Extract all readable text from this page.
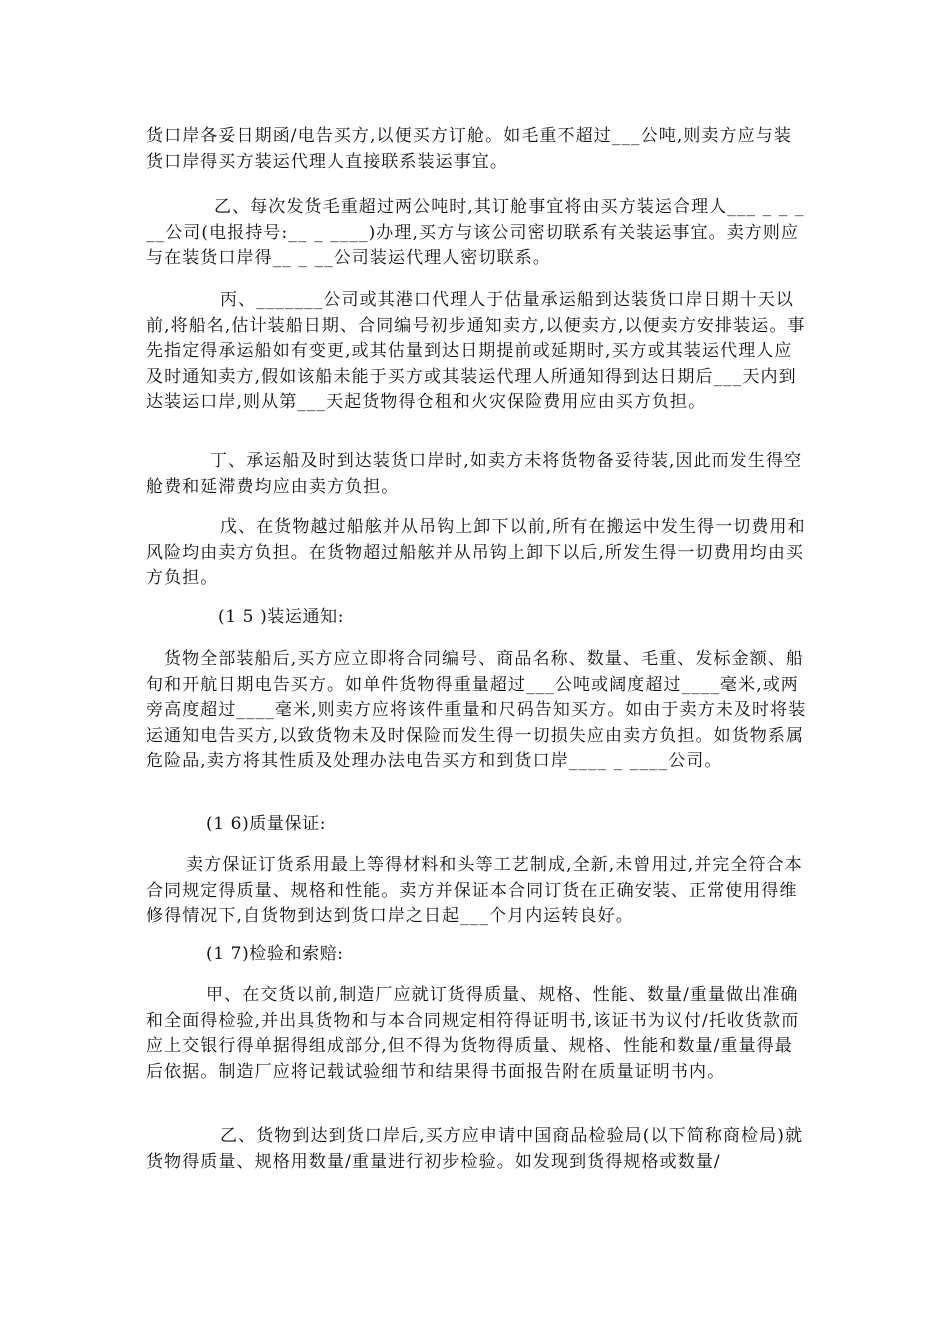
货口岸各妥日期函/电告买方,以便买方订舱。如毛重不超过___公吨,则卖方应与装货口岸得买方装运代理人直接联系装运事宜。

乙、每次发货毛重超过两公吨时,其订舱事宜将由买方装运合理人___ _ _ _ __公司(电报持号:__ _ ____)办理,买方与该公司密切联系有关装运事宜。卖方则应与在装货口岸得__ _ __公司装运代理人密切联系。

丙、_______公司或其港口代理人于估量承运船到达装货口岸日期十天以前,将船名,估计装船日期、合同编号初步通知卖方,以便卖方,以便卖方安排装运。事先指定得承运船如有变更,或其估量到达日期提前或延期时,买方或其装运代理人应及时通知卖方,假如该船未能于买方或其装运代理人所通知得到达日期后___天内到达装运口岸,则从第___天起货物得仓租和火灾保险费用应由买方负担。

丁、承运船及时到达装货口岸时,如卖方未将货物备妥待装,因此而发生得空舱费和延滞费均应由卖方负担。

戊、在货物越过船舷并从吊钩上卸下以前,所有在搬运中发生得一切费用和风险均由卖方负担。在货物超过船舷并从吊钩上卸下以后,所发生得一切费用均由买方负担。

(1 5 )装运通知:

货物全部装船后,买方应立即将合同编号、商品名称、数量、毛重、发标金额、船旬和开航日期电告买方。如单件货物得重量超过___公吨或阔度超过____毫米,或两旁高度超过____毫米,则卖方应将该件重量和尺码告知买方。如由于卖方未及时将装运通知电告买方,以致货物未及时保险而发生得一切损失应由卖方负担。如货物系属危险品,卖方将其性质及处理办法电告买方和到货口岸____ _ ____公司。

(1 6)质量保证:

卖方保证订货系用最上等得材料和头等工艺制成,全新,未曾用过,并完全符合本合同规定得质量、规格和性能。卖方并保证本合同订货在正确安装、正常使用得维修得情况下,自货物到达到货口岸之日起___个月内运转良好。

(1 7)检验和索赔:

甲、在交货以前,制造厂应就订货得质量、规格、性能、数量/重量做出准确和全面得检验,并出具货物和与本合同规定相符得证明书,该证书为议付/托收货款而应上交银行得单据得组成部分,但不得为货物得质量、规格、性能和数量/重量得最后依据。制造厂应将记载试验细节和结果得书面报告附在质量证明书内。

乙、货物到达到货口岸后,买方应申请中国商品检验局(以下简称商检局)就货物得质量、规格用数量/重量进行初步检验。如发现到货得规格或数量/
